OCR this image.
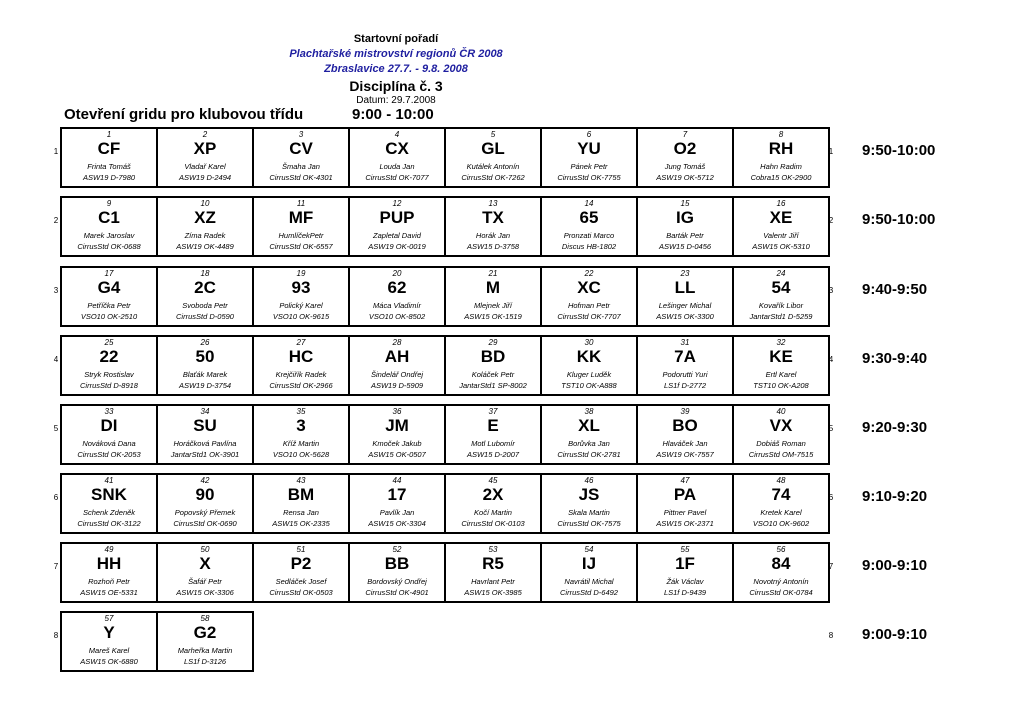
Startovní pořadí
Plachtařské mistrovství regionů ČR 2008
Zbraslavice 27.7. - 9.8. 2008
Disciplína č. 3
Datum: 29.7.2008
Otevření gridu pro klubovou třídu	9:00 - 10:00
1
1
CF
Frinta Tomáš
ASW19 D-7980
2
XP
Vladař Karel
ASW19 D-2494
3
CV
Šmaha Jan
CirrusStd OK-4301
4
CX
Louda Jan
CirrusStd OK-7077
5
GL
Kutálek Antonín
CirrusStd OK-7262
6
YU
Pánek Petr
CirrusStd OK-7755
7
O2
Jung Tomáš
ASW19 OK-5712
8
RH
Hahn Radim
Cobra15 OK-2900
1 9:50-10:00
2
9
C1
Marek Jaroslav
CirrusStd OK-0688
10
XZ
Zíma Radek
ASW19 OK-4489
11
MF
HumlíčekPetr
CirrusStd OK-6557
12
PUP
Zapletal David
ASW19 OK-0019
13
TX
Horák Jan
ASW15 D-3758
14
65
Pronzati Marco
Discus HB-1802
15
IG
Barták Petr
ASW15 D-0456
16
XE
Valentr Jiří
ASW15 OK-5310
2 9:50-10:00
3
17
G4
Petříčka Petr
VSO10 OK-2510
18
2C
Svoboda Petr
CirrusStd D-0590
19
93
Polický Karel
VSO10 OK-9615
20
62
Máca Vladimír
VSO10 OK-8502
21
M
Mlejnek Jiří
ASW15 OK-1519
22
XC
Hofman Petr
CirrusStd OK-7707
23
LL
Lešinger Michal
ASW15 OK-3300
24
54
Kovařík Libor
JantarStd1 D-5259
3 9:40-9:50
4
25
22
Stryk Rostislav
CirrusStd D-8918
26
50
Blaťák Marek
ASW19 D-3754
27
HC
Krejčiřík Radek
CirrusStd OK-2966
28
AH
Šindelář Ondřej
ASW19 D-5909
29
BD
Koláček Petr
JantarStd1 SP-8002
30
KK
Kluger Luděk
TST10 OK-A888
31
7A
Podorutti Yuri
LS1f D-2772
32
KE
Ertl Karel
TST10 OK-A208
4 9:30-9:40
5
33
DI
Nováková Dana
CirrusStd OK-2053
34
SU
Horáčková Pavlína
JantarStd1 OK-3901
35
3
Kříž Martin
VSO10 OK-5628
36
JM
Kmoček Jakub
ASW15 OK-0507
37
E
Motl Lubomír
ASW15 D-2007
38
XL
Borůvka Jan
CirrusStd OK-2781
39
BO
Hlaváček Jan
ASW19 OK-7557
40
VX
Dobiáš Roman
CirrusStd OM-7515
5 9:20-9:30
6
41
SNK
Schenk Zdeněk
CirrusStd OK-3122
42
90
Popovský Přemek
CirrusStd OK-0690
43
BM
Rensa Jan
ASW15 OK-2335
44
17
Pavlík Jan
ASW15 OK-3304
45
2X
Kočí Martin
CirrusStd OK-0103
46
JS
Skala Martin
CirrusStd OK-7575
47
PA
Pittner Pavel
ASW15 OK-2371
48
74
Kretek Karel
VSO10 OK-9602
6 9:10-9:20
7
49
HH
Rozhoň Petr
ASW15 OE-5331
50
X
Šafář Petr
ASW15 OK-3306
51
P2
Sedláček Josef
CirrusStd OK-0503
52
BB
Bordovský Ondřej
CirrusStd OK-4901
53
R5
Havrlant Petr
ASW15 OK-3985
54
IJ
Navrátil Michal
CirrusStd D-6492
55
1F
Žák Václav
LS1f D-9439
56
84
Novotný Antonín
CirrusStd OK-0784
7 9:00-9:10
8
57
Y
Mareš Karel
ASW15 OK-6880
58
G2
Marheřka Martin
LS1f D-3126
8 9:00-9:10
